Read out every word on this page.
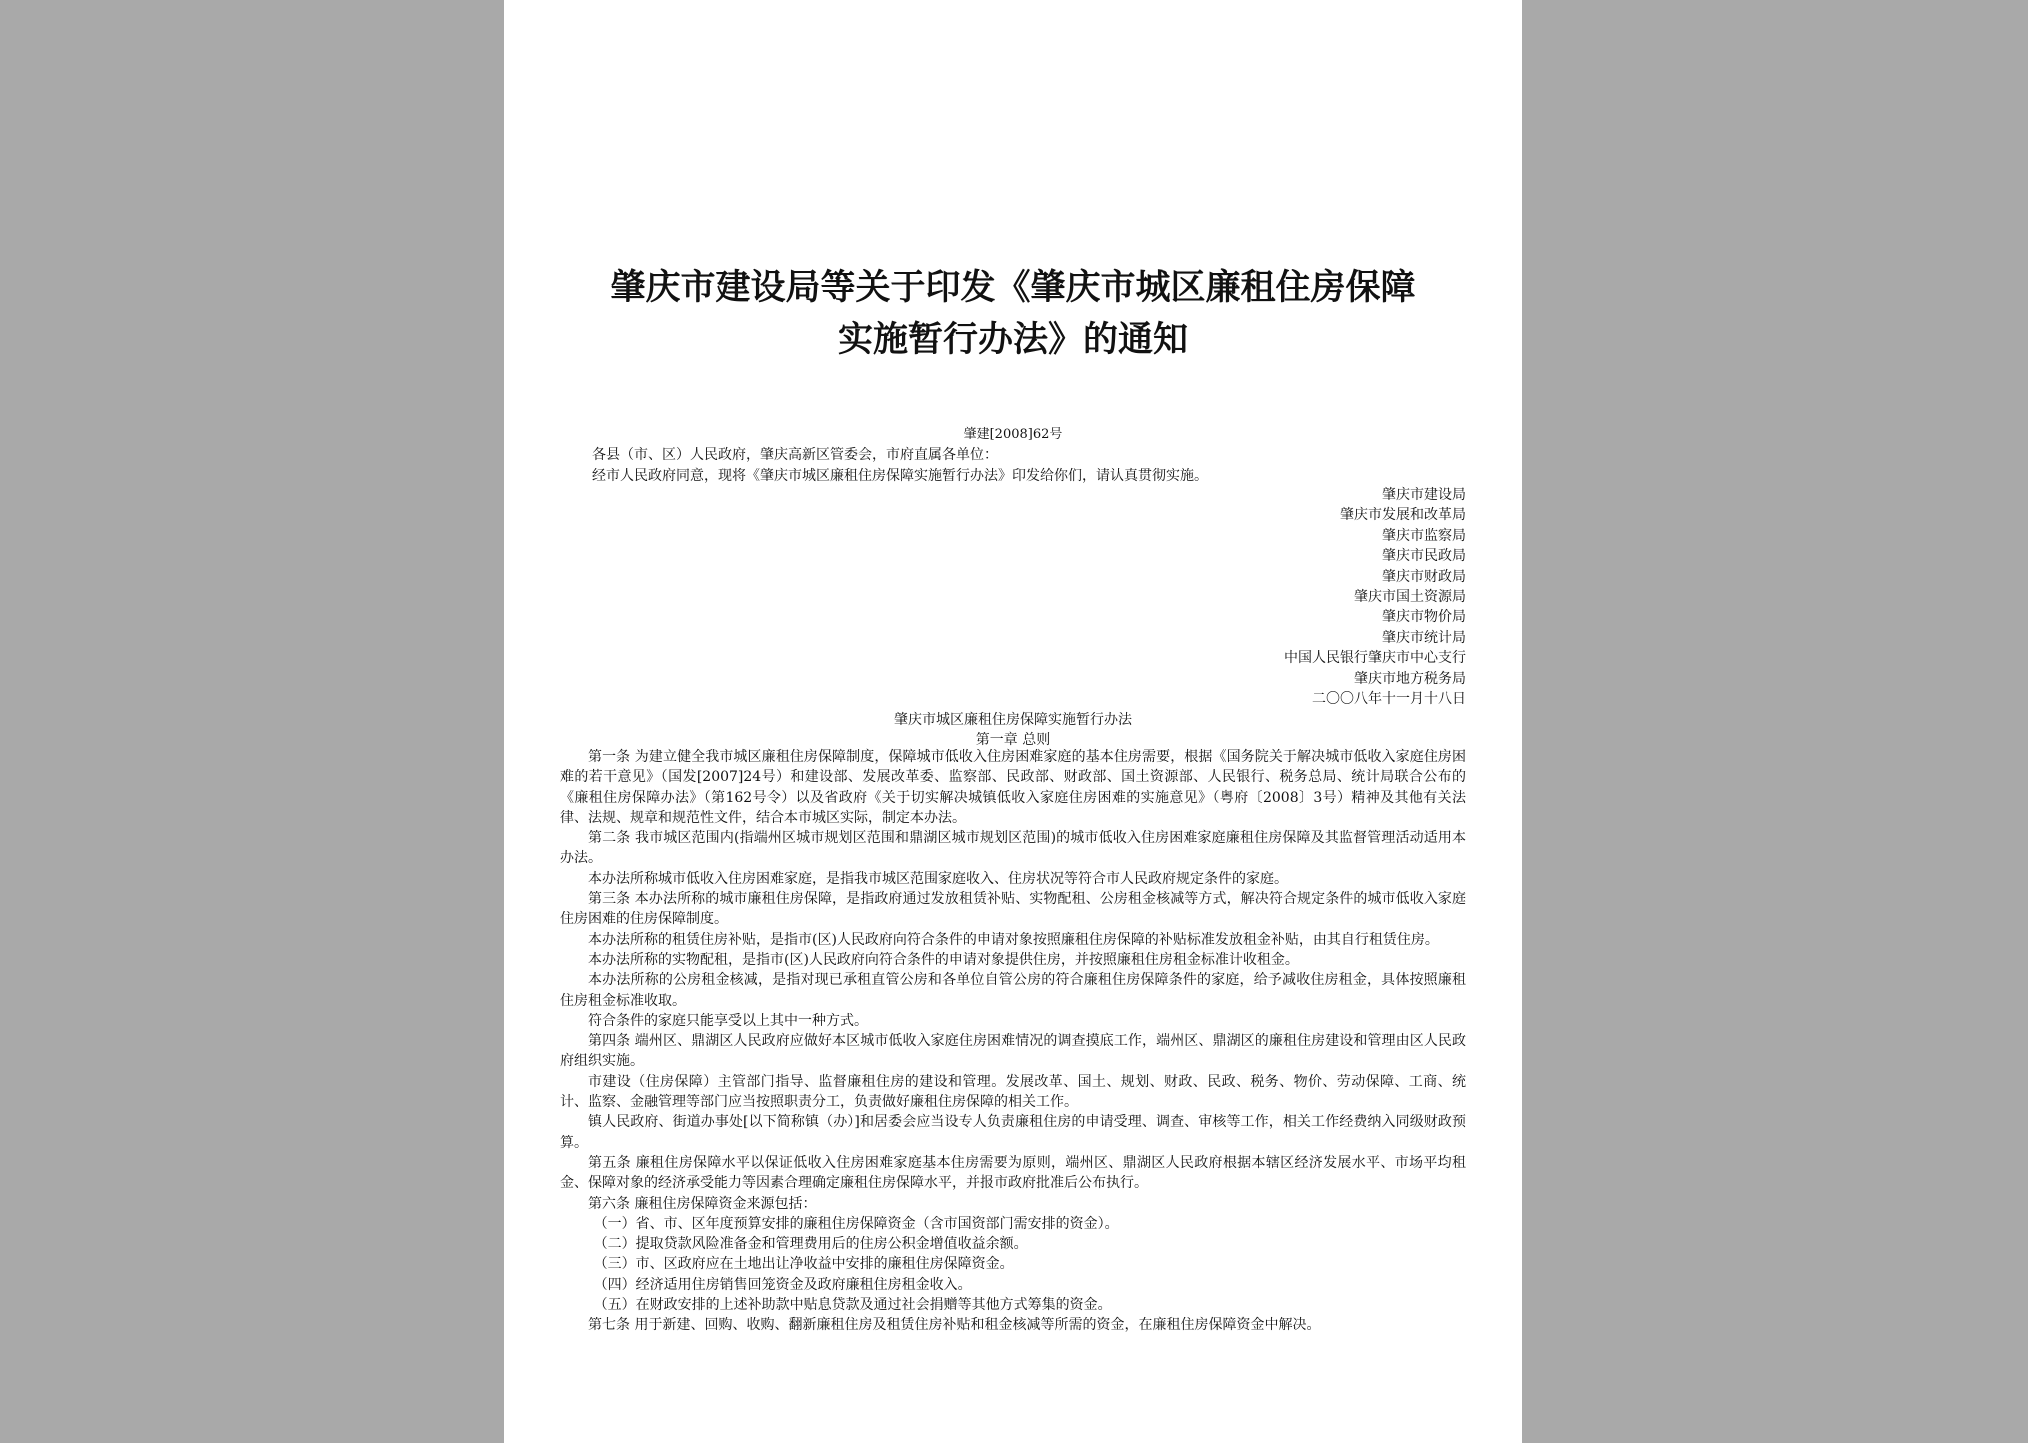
肇庆市建设局等关于印发《肇庆市城区廉租住房保障
实施暂行办法》的通知
肇建[2008]62号
各县（市、区）人民政府，肇庆高新区管委会，市府直属各单位：
经市人民政府同意，现将《肇庆市城区廉租住房保障实施暂行办法》印发给你们，请认真贯彻实施。
肇庆市建设局
肇庆市发展和改革局
肇庆市监察局
肇庆市民政局
肇庆市财政局
肇庆市国土资源局
肇庆市物价局
肇庆市统计局
中国人民银行肇庆市中心支行
肇庆市地方税务局
二〇〇八年十一月十八日
肇庆市城区廉租住房保障实施暂行办法
第一章 总则

第一条 为建立健全我市城区廉租住房保障制度，保障城市低收入住房困难家庭的基本住房需要，根据《国务院关于解决城市低收入家庭住房困难的若干意见》（国发[2007]24号）和建设部、发展改革委、监察部、民政部、财政部、国土资源部、人民银行、税务总局、统计局联合公布的《廉租住房保障办法》（第162号令）以及省政府《关于切实解决城镇低收入家庭住房困难的实施意见》（粤府〔2008〕3号）精神及其他有关法律、法规、规章和规范性文件，结合本市城区实际，制定本办法。

第二条 我市城区范围内(指端州区城市规划区范围和鼎湖区城市规划区范围)的城市低收入住房困难家庭廉租住房保障及其监督管理活动适用本办法。

本办法所称城市低收入住房困难家庭，是指我市城区范围家庭收入、住房状况等符合市人民政府规定条件的家庭。

第三条 本办法所称的城市廉租住房保障，是指政府通过发放租赁补贴、实物配租、公房租金核减等方式，解决符合规定条件的城市低收入家庭住房困难的住房保障制度。

本办法所称的租赁住房补贴，是指市(区)人民政府向符合条件的申请对象按照廉租住房保障的补贴标准发放租金补贴，由其自行租赁住房。

本办法所称的实物配租，是指市(区)人民政府向符合条件的申请对象提供住房，并按照廉租住房租金标准计收租金。

本办法所称的公房租金核减，是指对现已承租直管公房和各单位自管公房的符合廉租住房保障条件的家庭，给予减收住房租金，具体按照廉租住房租金标准收取。

符合条件的家庭只能享受以上其中一种方式。

第四条 端州区、鼎湖区人民政府应做好本区城市低收入家庭住房困难情况的调查摸底工作，端州区、鼎湖区的廉租住房建设和管理由区人民政府组织实施。

市建设（住房保障）主管部门指导、监督廉租住房的建设和管理。发展改革、国土、规划、财政、民政、税务、物价、劳动保障、工商、统计、监察、金融管理等部门应当按照职责分工，负责做好廉租住房保障的相关工作。

镇人民政府、街道办事处[以下简称镇（办）]和居委会应当设专人负责廉租住房的申请受理、调查、审核等工作，相关工作经费纳入同级财政预算。

第五条 廉租住房保障水平以保证低收入住房困难家庭基本住房需要为原则，端州区、鼎湖区人民政府根据本辖区经济发展水平、市场平均租金、保障对象的经济承受能力等因素合理确定廉租住房保障水平，并报市政府批准后公布执行。

第六条 廉租住房保障资金来源包括：

（一）省、市、区年度预算安排的廉租住房保障资金（含市国资部门需安排的资金）。

（二）提取贷款风险准备金和管理费用后的住房公积金增值收益余额。

（三）市、区政府应在土地出让净收益中安排的廉租住房保障资金。

（四）经济适用住房销售回笼资金及政府廉租住房租金收入。

（五）在财政安排的上述补助款中贴息贷款及通过社会捐赠等其他方式筹集的资金。

第七条 用于新建、回购、收购、翻新廉租住房及租赁住房补贴和租金核减等所需的资金，在廉租住房保障资金中解决。
